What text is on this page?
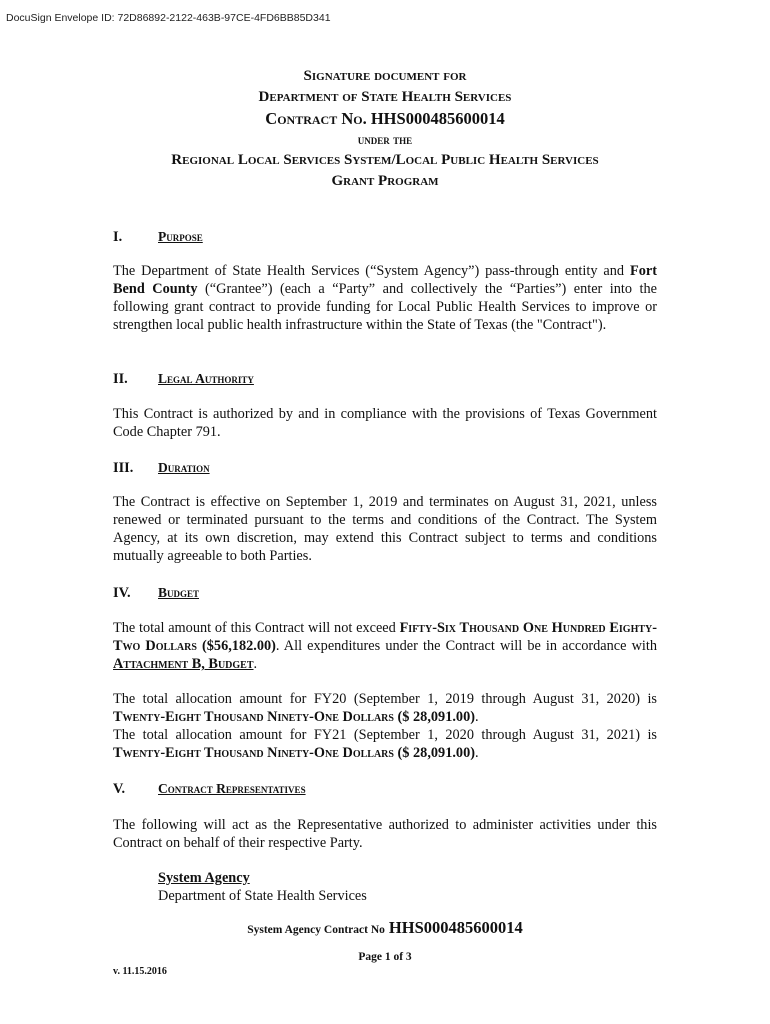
DocuSign Envelope ID: 72D86892-2122-463B-97CE-4FD6BB85D341
Signature document for
Department of State Health Services
Contract No. HHS000485600014
under the
Regional Local Services System/Local Public Health Services
Grant Program
I.	Purpose
The Department of State Health Services (“System Agency”) pass-through entity and Fort Bend County (“Grantee”) (each a “Party” and collectively the “Parties”) enter into the following grant contract to provide funding for Local Public Health Services to improve or strengthen local public health infrastructure within the State of Texas (the "Contract").
II. Legal Authority
This Contract is authorized by and in compliance with the provisions of Texas Government Code Chapter 791.
III. Duration
The Contract is effective on September 1, 2019 and terminates on August 31, 2021, unless renewed or terminated pursuant to the terms and conditions of the Contract. The System Agency, at its own discretion, may extend this Contract subject to terms and conditions mutually agreeable to both Parties.
IV. Budget
The total amount of this Contract will not exceed Fifty-Six Thousand One Hundred Eighty-Two Dollars ($56,182.00). All expenditures under the Contract will be in accordance with Attachment B, Budget.
The total allocation amount for FY20 (September 1, 2019 through August 31, 2020) is Twenty-Eight Thousand Ninety-One Dollars ($ 28,091.00).
The total allocation amount for FY21 (September 1, 2020 through August 31, 2021) is Twenty-Eight Thousand Ninety-One Dollars ($ 28,091.00).
V. Contract Representatives
The following will act as the Representative authorized to administer activities under this Contract on behalf of their respective Party.
System Agency
Department of State Health Services
System Agency Contract No HHS000485600014
Page 1 of 3
v. 11.15.2016
